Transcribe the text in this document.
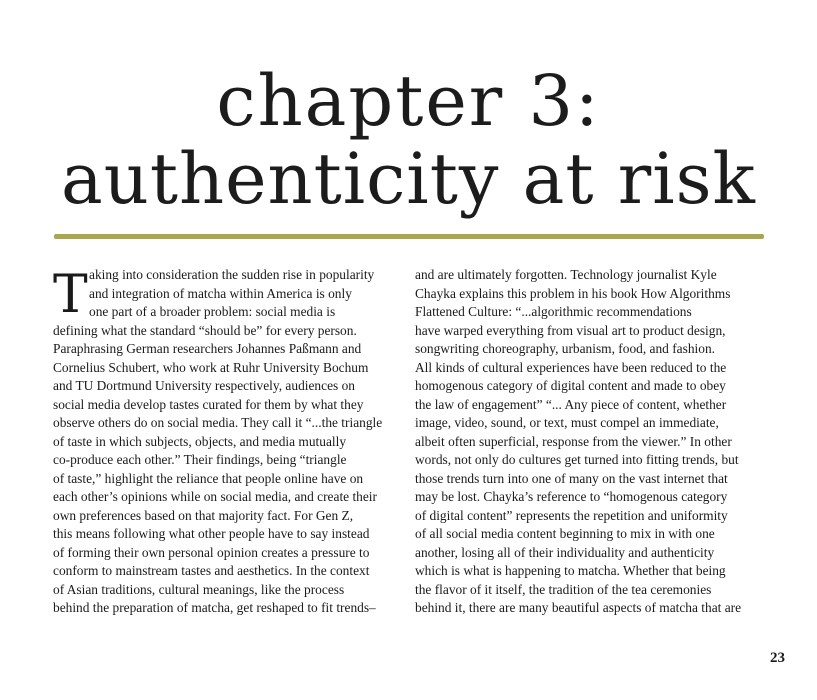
chapter 3:
authenticity at risk
T aking into consideration the sudden rise in popularity
and integration of matcha within America is only
one part of a broader problem: social media is
defining what the standard “should be” for every person.
Paraphrasing German researchers Johannes Paßmann and
Cornelius Schubert, who work at Ruhr University Bochum
and TU Dortmund University respectively, audiences on
social media develop tastes curated for them by what they
observe others do on social media. They call it “...the triangle
of taste in which subjects, objects, and media mutually
co-produce each other.” Their findings, being “triangle
of taste,” highlight the reliance that people online have on
each other’s opinions while on social media, and create their
own preferences based on that majority fact. For Gen Z,
this means following what other people have to say instead
of forming their own personal opinion creates a pressure to
conform to mainstream tastes and aesthetics. In the context
of Asian traditions, cultural meanings, like the process
behind the preparation of matcha, get reshaped to fit trends–
and are ultimately forgotten. Technology journalist Kyle
Chayka explains this problem in his book How Algorithms
Flattened Culture: “...algorithmic recommendations
have warped everything from visual art to product design,
songwriting choreography, urbanism, food, and fashion.
All kinds of cultural experiences have been reduced to the
homogenous category of digital content and made to obey
the law of engagement” “... Any piece of content, whether
image, video, sound, or text, must compel an immediate,
albeit often superficial, response from the viewer.” In other
words, not only do cultures get turned into fitting trends, but
those trends turn into one of many on the vast internet that
may be lost. Chayka’s reference to “homogenous category
of digital content” represents the repetition and uniformity
of all social media content beginning to mix in with one
another, losing all of their individuality and authenticity
which is what is happening to matcha. Whether that being
the flavor of it itself, the tradition of the tea ceremonies
behind it, there are many beautiful aspects of matcha that are
23
